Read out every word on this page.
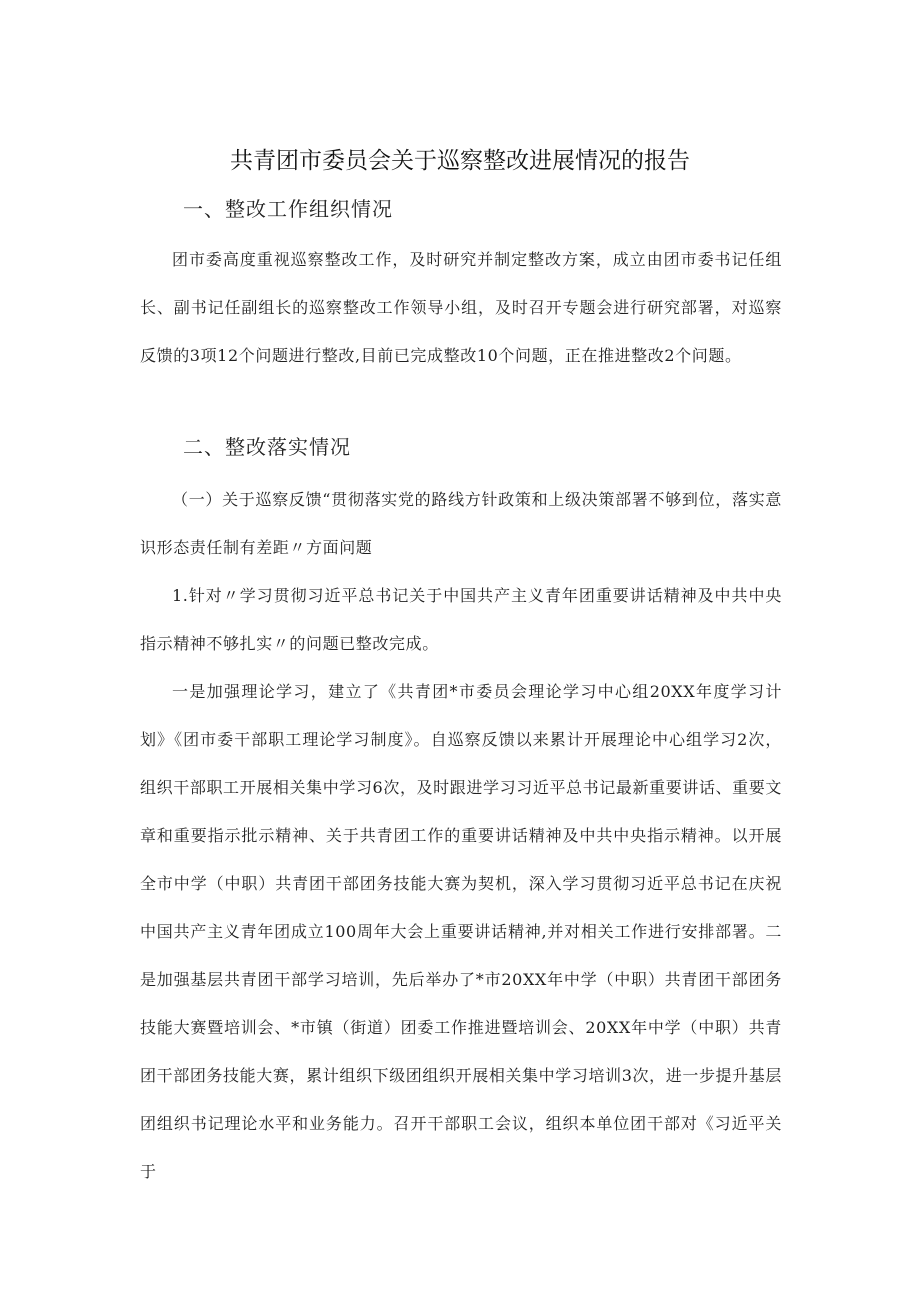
共青团市委员会关于巡察整改进展情况的报告
一、整改工作组织情况
团市委高度重视巡察整改工作，及时研究并制定整改方案，成立由团市委书记任组长、副书记任副组长的巡察整改工作领导小组，及时召开专题会进行研究部署，对巡察反馈的3项12个问题进行整改,目前已完成整改10个问题，正在推进整改2个问题。
二、整改落实情况
（一）关于巡察反馈“贯彻落实党的路线方针政策和上级决策部署不够到位，落实意识形态责任制有差距〃方面问题
1.针对〃学习贯彻习近平总书记关于中国共产主义青年团重要讲话精神及中共中央指示精神不够扎实〃的问题已整改完成。
一是加强理论学习，建立了《共青团*市委员会理论学习中心组20XX年度学习计划》《团市委干部职工理论学习制度》。自巡察反馈以来累计开展理论中心组学习2次，组织干部职工开展相关集中学习6次，及时跟进学习习近平总书记最新重要讲话、重要文章和重要指示批示精神、关于共青团工作的重要讲话精神及中共中央指示精神。以开展全市中学（中职）共青团干部团务技能大赛为契机，深入学习贯彻习近平总书记在庆祝中国共产主义青年团成立100周年大会上重要讲话精神,并对相关工作进行安排部署。二是加强基层共青团干部学习培训，先后举办了*市20XX年中学（中职）共青团干部团务技能大赛暨培训会、*市镇（街道）团委工作推进暨培训会、20XX年中学（中职）共青团干部团务技能大赛，累计组织下级团组织开展相关集中学习培训3次，进一步提升基层团组织书记理论水平和业务能力。召开干部职工会议，组织本单位团干部对《习近平关于
